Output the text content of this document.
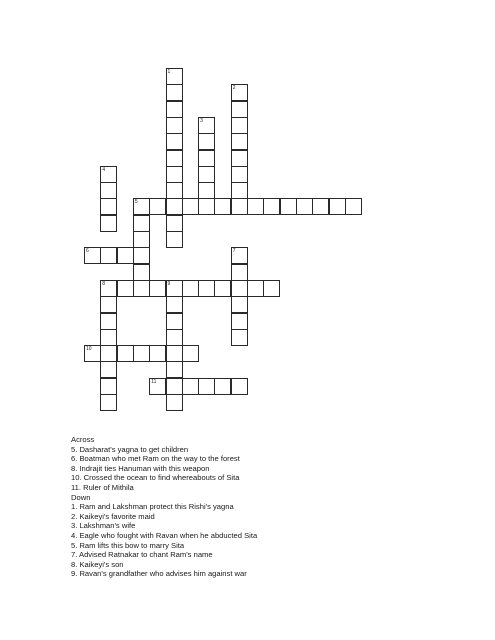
1
2
3
4
5
6	7
8	9
10
11
Across
5. Dasharat's yagna to get children
6. Boatman who met Ram on the way to the forest
8. Indrajit ties Hanuman with this weapon
10. Crossed the ocean to find whereabouts of Sita
11. Ruler of Mithila
Down
1. Ram and Lakshman protect this Rishi's yagna
2. Kaikeyi's favorite maid
3. Lakshman's wife
4. Eagle who fought with Ravan when he abducted Sita
5. Ram lifts this bow to marry Sita
7. Advised Ratnakar to chant Ram's name
8. Kaikeyi's son
9. Ravan's grandfather who advises him against war
